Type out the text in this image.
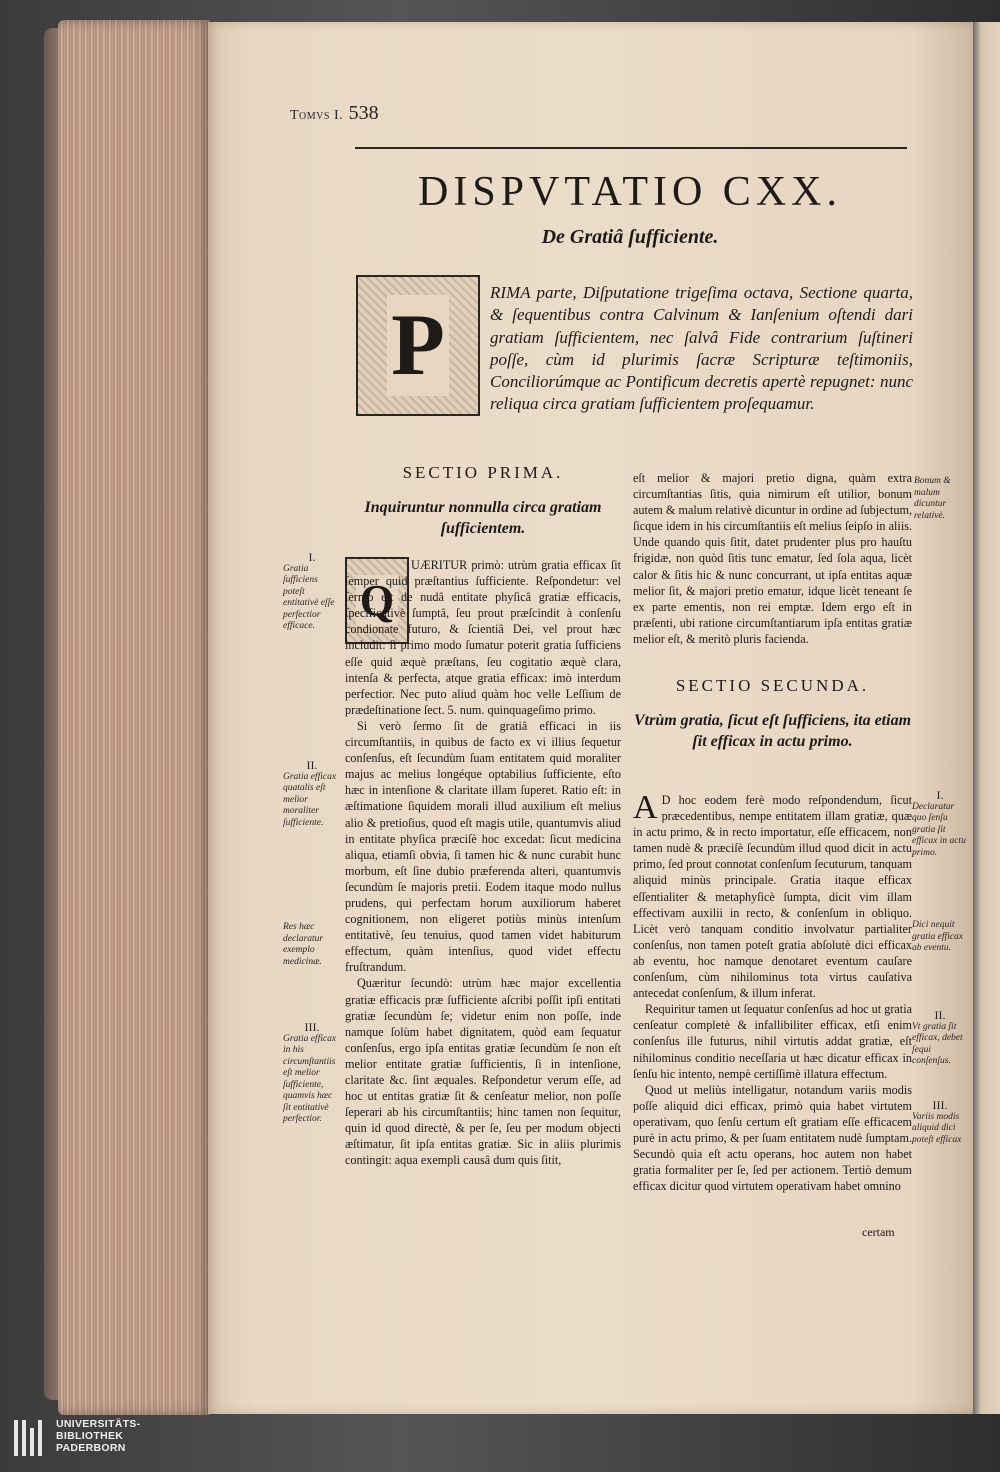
Tomvs I. 538
DISPVTATIO CXX.
De Gratiâ ſufficiente.
P
RIMA parte, Diſputatione trigeſima octava, Sectione quarta, & ſequentibus contra Calvinum & Ianſenium oſtendi dari gratiam ſufficientem, nec ſalvâ Fide contrarium ſuſtineri poſſe, cùm id plurimis ſacræ Scripturæ teſtimoniis, Conciliorúmque ac Pontificum decretis apertè repugnet: nunc reliqua circa gratiam ſufficientem proſequamur.
SECTIO PRIMA.
Inquiruntur nonnulla circa gratiam ſufficientem.
Q

UÆRITUR primò: utrùm gratia efficax ſit ſemper quid præſtantius ſufficiente. Reſpondetur: vel ſermo eſt de nudâ entitate phyſicâ gratiæ efficacis, ſpecificativè ſumptâ, ſeu prout præſcindit à conſenſu condionate futuro, & ſcientiâ Dei, vel prout hæc includit: ſi primo modo ſumatur poterit gratia ſufficiens eſſe quid æquè præſtans, ſeu cogitatio æquè clara, intenſa & perfecta, atque gratia efficax: imò interdum perfectior. Nec puto aliud quàm hoc velle Leſſium de prædeſtinatione ſect. 5. num. quinquageſimo primo.

Si verò ſermo ſit de gratiâ efficaci in iis circumſtantiis, in quibus de facto ex vi illius ſequetur conſenſus, eſt ſecundùm ſuam entitatem quid moraliter majus ac melius longéque optabilius ſufficiente, eſto hæc in intenſione & claritate illam ſuperet. Ratio eſt: in æſtimatione ſiquidem morali illud auxilium eſt melius alio & pretioſius, quod eſt magis utile, quantumvis aliud in entitate phyſica præciſè hoc excedat: ſicut medicina aliqua, etiamſi obvia, ſi tamen hic & nunc curabit hunc morbum, eſt ſine dubio præferenda alteri, quantumvis ſecundùm ſe majoris pretii. Eodem itaque modo nullus prudens, qui perfectam horum auxiliorum haberet cognitionem, non eligeret potiùs minùs intenſum entitativè, ſeu tenuius, quod tamen videt habiturum effectum, quàm intenſius, quod videt effectu fruſtrandum.

Quæritur ſecundò: utrùm hæc major excellentia gratiæ efficacis præ ſufficiente aſcribi poſſit ipſi entitati gratiæ ſecundùm ſe; videtur enim non poſſe, inde namque ſolùm habet dignitatem, quòd eam ſequatur conſenſus, ergo ipſa entitas gratiæ ſecundùm ſe non eſt melior entitate gratiæ ſufficientis, ſi in intenſione, claritate &c. ſint æquales. Reſpondetur verum eſſe, ad hoc ut entitas gratiæ ſit & cenſeatur melior, non poſſe ſeperari ab his circumſtantiis; hinc tamen non ſequitur, quin id quod directè, & per ſe, ſeu per modum objecti æſtimatur, ſit ipſa entitas gratiæ. Sic in aliis plurimis contingit: aqua exempli causâ dum quis ſitit,

I.
Gratia ſufficiens poteſt entitativè eſſe perfectior efficace.
II.
Gratia efficax quatalis eſt melior moraliter ſufficiente.
Res hæc declaratur exemplo medicinæ.
III.
Gratia efficax in his circumſtantiis eſt melior ſufficiente, quamvis hæc ſit entitativè perfectior.
eſt melior & majori pretio digna, quàm extra circumſtantias ſitis, quia nimirum eſt utilior, bonum autem & malum relativè dicuntur in ordine ad ſubjectum, ſicque idem in his circumſtantiis eſt melius ſeipſo in aliis. Unde quando quis ſitit, datet prudenter plus pro hauſtu frigidæ, non quòd ſitis tunc ematur, ſed ſola aqua, licèt calor & ſitis hic & nunc concurrant, ut ipſa entitas aquæ melior ſit, & majori pretio ematur, idque licèt teneant ſe ex parte ementis, non rei emptæ. Idem ergo eſt in præſenti, ubi ratione circumſtantiarum ipſa entitas gratiæ melior eſt, & meritò pluris facienda.
Bonum & malum dicuntur relativè.
SECTIO SECUNDA.
Vtrùm gratia, ſicut eſt ſufficiens, ita etiam ſit efficax in actu primo.

A D hoc eodem ferè modo reſpondendum, ſicut præcedentibus, nempe entitatem illam gratiæ, quæ in actu primo, & in recto importatur, eſſe efficacem, non tamen nudè & præciſè ſecundùm illud quod dicit in actu primo, ſed prout connotat conſenſum ſecuturum, tanquam aliquid minùs principale. Gratia itaque efficax eſſentialiter & metaphyſicè ſumpta, dicit vim illam effectivam auxilii in recto, & conſenſum in obliquo. Licèt verò tanquam conditio involvatur partialiter conſenſus, non tamen poteſt gratia abſolutè dici efficax ab eventu, hoc namque denotaret eventum cauſare conſenſum, cùm nihilominus tota virtus cauſativa antecedat conſenſum, & illum inferat.

Requiritur tamen ut ſequatur conſenſus ad hoc ut gratia cenſeatur completè & infallibiliter efficax, etſi enim conſenſus ille futurus, nihil virtutis addat gratiæ, eſt nihilominus conditio neceſſaria ut hæc dicatur efficax in ſenſu hic intento, nempè certiſſimè illatura effectum.

Quod ut meliùs intelligatur, notandum variis modis poſſe aliquid dici efficax, primò quia habet virtutem operativam, quo ſenſu certum eſt gratiam eſſe efficacem purè in actu primo, & per ſuam entitatem nudè ſumptam. Secundò quia eſt actu operans, hoc autem non habet gratia formaliter per ſe, ſed per actionem. Tertiò demum efficax dicitur quod virtutem operativam habet omnino

I.
Declaratur quo ſenſu gratia ſit efficax in actu primo.
Dici nequit gratia efficax ab eventu.
II.
Vt gratia ſit efficax, debet ſequi conſenſus.
III.
Variis modis aliquid dici poteſt efficax
certam
UNIVERSITÄTS-
BIBLIOTHEK
PADERBORN
